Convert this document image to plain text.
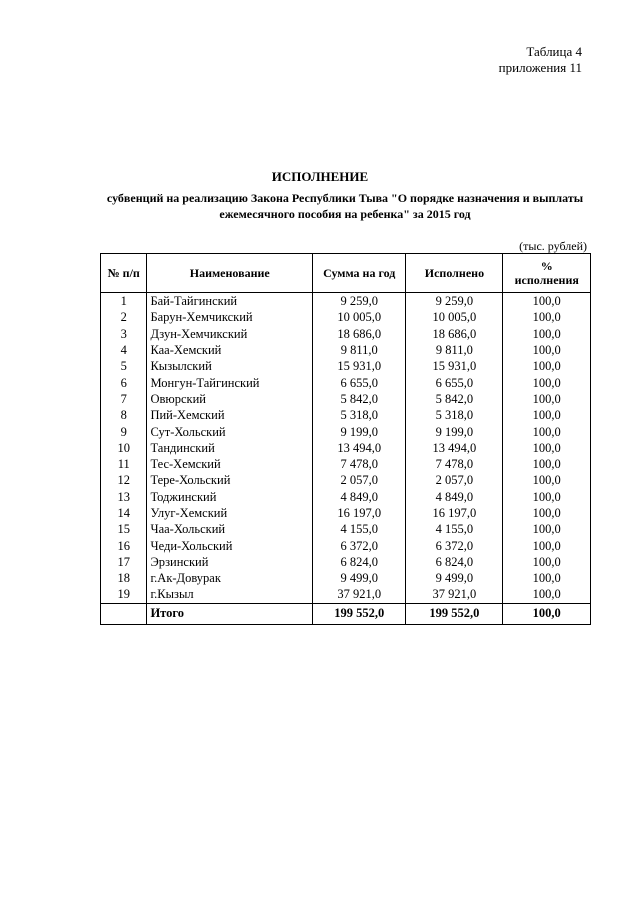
Таблица 4
приложения 11
ИСПОЛНЕНИЕ
субвенций на реализацию Закона Республики Тыва "О порядке назначения и выплаты
ежемесячного пособия на ребенка" за 2015 год
(тыс. рублей)
№ п/п	Наименование	Сумма на год	Исполнено	%
исполнения

1	Бай-Тайгинский	9 259,0	9 259,0	100,0
2	Барун-Хемчикский	10 005,0	10 005,0	100,0
3	Дзун-Хемчикский	18 686,0	18 686,0	100,0
4	Каа-Хемский	9 811,0	9 811,0	100,0
5	Кызылский	15 931,0	15 931,0	100,0
6	Монгун-Тайгинский	6 655,0	6 655,0	100,0
7	Овюрский	5 842,0	5 842,0	100,0
8	Пий-Хемский	5 318,0	5 318,0	100,0
9	Сут-Хольский	9 199,0	9 199,0	100,0
10	Тандинский	13 494,0	13 494,0	100,0
11	Тес-Хемский	7 478,0	7 478,0	100,0
12	Тере-Хольский	2 057,0	2 057,0	100,0
13	Тоджинский	4 849,0	4 849,0	100,0
14	Улуг-Хемский	16 197,0	16 197,0	100,0
15	Чаа-Хольский	4 155,0	4 155,0	100,0
16	Чеди-Хольский	6 372,0	6 372,0	100,0
17	Эрзинский	6 824,0	6 824,0	100,0
18	г.Ак-Довурак	9 499,0	9 499,0	100,0
19	г.Кызыл	37 921,0	37 921,0	100,0
	Итого	199 552,0	199 552,0	100,0
